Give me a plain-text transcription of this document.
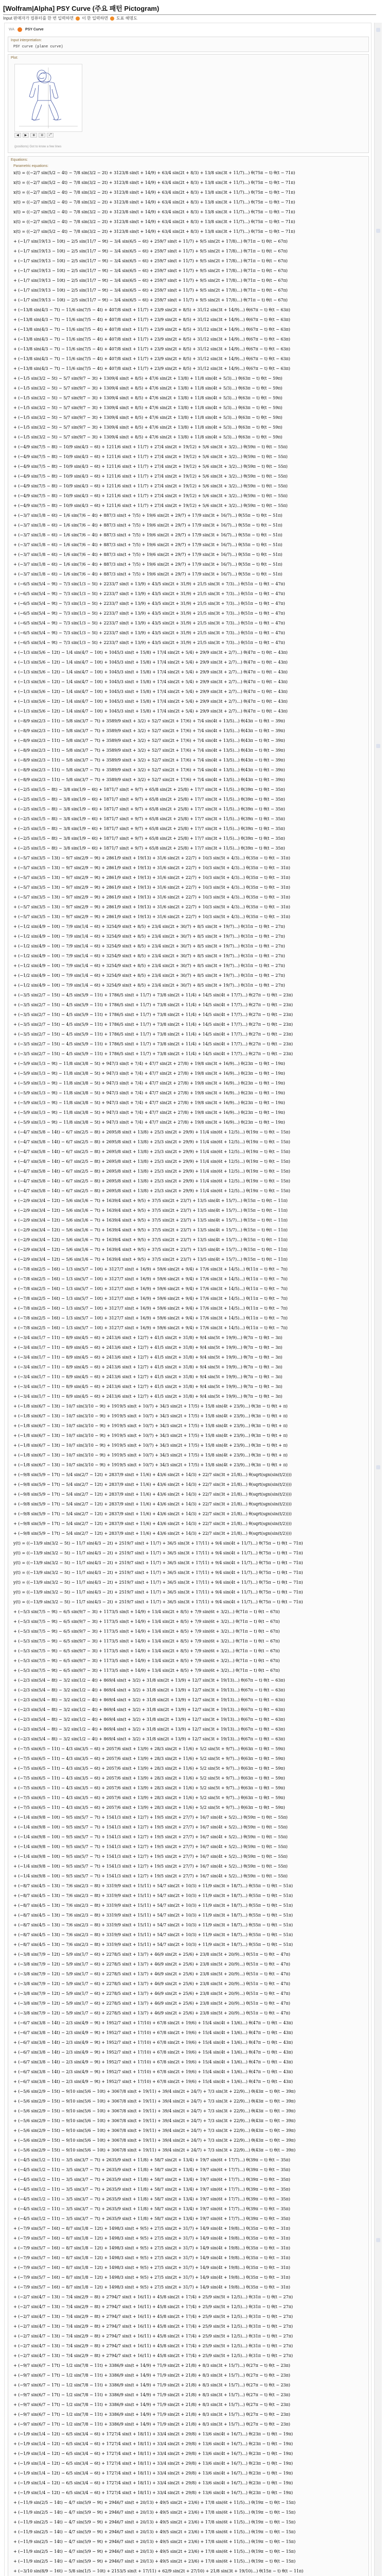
[Wolfram|Alpha] PSY Curve (주요 패턴 Pictogram)
Input 판매자가 컴퓨터를 한 번 입력하면 이 한 입력하면 도표 해명도
WA	PSY Curve
Input interpretation:
PSY curve (plane curve)
Plot:
◀	▶	⊕	⊖	⤢
(positions) Got to know a few lines
Equations:
Parametric equations:
x(t) = ((−2/7 sin(5/2 − 4t) − 7/8 sin(3/2 − 2t) + 3123/8 sin(t + 14/9) + 63/4 sin(2t + 8/3) + 13/8 sin(3t + 11/7)...) θ(75π − t) θ(t − 71π)
x(t) = ((−2/7 sin(5/2 − 4t) − 7/8 sin(3/2 − 2t) + 3123/8 sin(t + 14/9) + 63/4 sin(2t + 8/3) + 13/8 sin(3t + 11/7)...) θ(75π − t) θ(t − 71π)
x(t) = ((−2/7 sin(5/2 − 4t) − 7/8 sin(3/2 − 2t) + 3123/8 sin(t + 14/9) + 63/4 sin(2t + 8/3) + 13/8 sin(3t + 11/7)...) θ(75π − t) θ(t − 71π)
x(t) = ((−2/7 sin(5/2 − 4t) − 7/8 sin(3/2 − 2t) + 3123/8 sin(t + 14/9) + 63/4 sin(2t + 8/3) + 13/8 sin(3t + 11/7)...) θ(75π − t) θ(t − 71π)
x(t) = ((−2/7 sin(5/2 − 4t) − 7/8 sin(3/2 − 2t) + 3123/8 sin(t + 14/9) + 63/4 sin(2t + 8/3) + 13/8 sin(3t + 11/7)...) θ(75π − t) θ(t − 71π)
x(t) = ((−2/7 sin(5/2 − 4t) − 7/8 sin(3/2 − 2t) + 3123/8 sin(t + 14/9) + 63/4 sin(2t + 8/3) + 13/8 sin(3t + 11/7)...) θ(75π − t) θ(t − 71π)
x(t) = ((−2/7 sin(5/2 − 4t) − 7/8 sin(3/2 − 2t) + 3123/8 sin(t + 14/9) + 63/4 sin(2t + 8/3) + 13/8 sin(3t + 11/7)...) θ(75π − t) θ(t − 71π)
+ (−1/7 sin(19/13 − 10t) − 2/5 sin(11/7 − 9t) − 3/4 sin(6/5 − 6t) + 259/7 sin(t + 11/7) + 9/5 sin(2t + 17/8)...) θ(71π − t) θ(t − 67π)
+ (−1/7 sin(19/13 − 10t) − 2/5 sin(11/7 − 9t) − 3/4 sin(6/5 − 6t) + 259/7 sin(t + 11/7) + 9/5 sin(2t + 17/8)...) θ(71π − t) θ(t − 67π)
+ (−1/7 sin(19/13 − 10t) − 2/5 sin(11/7 − 9t) − 3/4 sin(6/5 − 6t) + 259/7 sin(t + 11/7) + 9/5 sin(2t + 17/8)...) θ(71π − t) θ(t − 67π)
+ (−1/7 sin(19/13 − 10t) − 2/5 sin(11/7 − 9t) − 3/4 sin(6/5 − 6t) + 259/7 sin(t + 11/7) + 9/5 sin(2t + 17/8)...) θ(71π − t) θ(t − 67π)
+ (−1/7 sin(19/13 − 10t) − 2/5 sin(11/7 − 9t) − 3/4 sin(6/5 − 6t) + 259/7 sin(t + 11/7) + 9/5 sin(2t + 17/8)...) θ(71π − t) θ(t − 67π)
+ (−1/7 sin(19/13 − 10t) − 2/5 sin(11/7 − 9t) − 3/4 sin(6/5 − 6t) + 259/7 sin(t + 11/7) + 9/5 sin(2t + 17/8)...) θ(71π − t) θ(t − 67π)
+ (−1/7 sin(19/13 − 10t) − 2/5 sin(11/7 − 9t) − 3/4 sin(6/5 − 6t) + 259/7 sin(t + 11/7) + 9/5 sin(2t + 17/8)...) θ(71π − t) θ(t − 67π)
+ (−13/8 sin(4/3 − 7t) − 11/6 sin(7/5 − 4t) + 407/8 sin(t + 11/7) + 23/9 sin(2t + 8/5) + 31/12 sin(3t + 14/9)...) θ(67π − t) θ(t − 63π)
+ (−13/8 sin(4/3 − 7t) − 11/6 sin(7/5 − 4t) + 407/8 sin(t + 11/7) + 23/9 sin(2t + 8/5) + 31/12 sin(3t + 14/9)...) θ(67π − t) θ(t − 63π)
+ (−13/8 sin(4/3 − 7t) − 11/6 sin(7/5 − 4t) + 407/8 sin(t + 11/7) + 23/9 sin(2t + 8/5) + 31/12 sin(3t + 14/9)...) θ(67π − t) θ(t − 63π)
+ (−13/8 sin(4/3 − 7t) − 11/6 sin(7/5 − 4t) + 407/8 sin(t + 11/7) + 23/9 sin(2t + 8/5) + 31/12 sin(3t + 14/9)...) θ(67π − t) θ(t − 63π)
+ (−13/8 sin(4/3 − 7t) − 11/6 sin(7/5 − 4t) + 407/8 sin(t + 11/7) + 23/9 sin(2t + 8/5) + 31/12 sin(3t + 14/9)...) θ(67π − t) θ(t − 63π)
+ (−13/8 sin(4/3 − 7t) − 11/6 sin(7/5 − 4t) + 407/8 sin(t + 11/7) + 23/9 sin(2t + 8/5) + 31/12 sin(3t + 14/9)...) θ(67π − t) θ(t − 63π)
+ (−13/8 sin(4/3 − 7t) − 11/6 sin(7/5 − 4t) + 407/8 sin(t + 11/7) + 23/9 sin(2t + 8/5) + 31/12 sin(3t + 14/9)...) θ(67π − t) θ(t − 63π)
+ (−1/5 sin(3/2 − 5t) − 5/7 sin(9/7 − 3t) + 1309/4 sin(t + 8/5) + 47/6 sin(2t + 13/8) + 11/8 sin(4t + 5/3)...) θ(63π − t) θ(t − 59π)
+ (−1/5 sin(3/2 − 5t) − 5/7 sin(9/7 − 3t) + 1309/4 sin(t + 8/5) + 47/6 sin(2t + 13/8) + 11/8 sin(4t + 5/3)...) θ(63π − t) θ(t − 59π)
+ (−1/5 sin(3/2 − 5t) − 5/7 sin(9/7 − 3t) + 1309/4 sin(t + 8/5) + 47/6 sin(2t + 13/8) + 11/8 sin(4t + 5/3)...) θ(63π − t) θ(t − 59π)
+ (−1/5 sin(3/2 − 5t) − 5/7 sin(9/7 − 3t) + 1309/4 sin(t + 8/5) + 47/6 sin(2t + 13/8) + 11/8 sin(4t + 5/3)...) θ(63π − t) θ(t − 59π)
+ (−1/5 sin(3/2 − 5t) − 5/7 sin(9/7 − 3t) + 1309/4 sin(t + 8/5) + 47/6 sin(2t + 13/8) + 11/8 sin(4t + 5/3)...) θ(63π − t) θ(t − 59π)
+ (−1/5 sin(3/2 − 5t) − 5/7 sin(9/7 − 3t) + 1309/4 sin(t + 8/5) + 47/6 sin(2t + 13/8) + 11/8 sin(4t + 5/3)...) θ(63π − t) θ(t − 59π)
+ (−1/5 sin(3/2 − 5t) − 5/7 sin(9/7 − 3t) + 1309/4 sin(t + 8/5) + 47/6 sin(2t + 13/8) + 11/8 sin(4t + 5/3)...) θ(63π − t) θ(t − 59π)
+ (−4/9 sin(7/5 − 8t) − 10/9 sin(4/3 − 6t) + 1211/6 sin(t + 11/7) + 27/4 sin(2t + 19/12) + 5/6 sin(3t + 3/2)...) θ(59π − t) θ(t − 55π)
+ (−4/9 sin(7/5 − 8t) − 10/9 sin(4/3 − 6t) + 1211/6 sin(t + 11/7) + 27/4 sin(2t + 19/12) + 5/6 sin(3t + 3/2)...) θ(59π − t) θ(t − 55π)
+ (−4/9 sin(7/5 − 8t) − 10/9 sin(4/3 − 6t) + 1211/6 sin(t + 11/7) + 27/4 sin(2t + 19/12) + 5/6 sin(3t + 3/2)...) θ(59π − t) θ(t − 55π)
+ (−4/9 sin(7/5 − 8t) − 10/9 sin(4/3 − 6t) + 1211/6 sin(t + 11/7) + 27/4 sin(2t + 19/12) + 5/6 sin(3t + 3/2)...) θ(59π − t) θ(t − 55π)
+ (−4/9 sin(7/5 − 8t) − 10/9 sin(4/3 − 6t) + 1211/6 sin(t + 11/7) + 27/4 sin(2t + 19/12) + 5/6 sin(3t + 3/2)...) θ(59π − t) θ(t − 55π)
+ (−4/9 sin(7/5 − 8t) − 10/9 sin(4/3 − 6t) + 1211/6 sin(t + 11/7) + 27/4 sin(2t + 19/12) + 5/6 sin(3t + 3/2)...) θ(59π − t) θ(t − 55π)
+ (−4/9 sin(7/5 − 8t) − 10/9 sin(4/3 − 6t) + 1211/6 sin(t + 11/7) + 27/4 sin(2t + 19/12) + 5/6 sin(3t + 3/2)...) θ(59π − t) θ(t − 55π)
+ (−3/7 sin(1/8 − 6t) − 1/6 sin(7/6 − 4t) + 887/3 sin(t + 7/5) + 19/6 sin(2t + 29/7) + 17/9 sin(3t + 16/7)...) θ(55π − t) θ(t − 51π)
+ (−3/7 sin(1/8 − 6t) − 1/6 sin(7/6 − 4t) + 887/3 sin(t + 7/5) + 19/6 sin(2t + 29/7) + 17/9 sin(3t + 16/7)...) θ(55π − t) θ(t − 51π)
+ (−3/7 sin(1/8 − 6t) − 1/6 sin(7/6 − 4t) + 887/3 sin(t + 7/5) + 19/6 sin(2t + 29/7) + 17/9 sin(3t + 16/7)...) θ(55π − t) θ(t − 51π)
+ (−3/7 sin(1/8 − 6t) − 1/6 sin(7/6 − 4t) + 887/3 sin(t + 7/5) + 19/6 sin(2t + 29/7) + 17/9 sin(3t + 16/7)...) θ(55π − t) θ(t − 51π)
+ (−3/7 sin(1/8 − 6t) − 1/6 sin(7/6 − 4t) + 887/3 sin(t + 7/5) + 19/6 sin(2t + 29/7) + 17/9 sin(3t + 16/7)...) θ(55π − t) θ(t − 51π)
+ (−3/7 sin(1/8 − 6t) − 1/6 sin(7/6 − 4t) + 887/3 sin(t + 7/5) + 19/6 sin(2t + 29/7) + 17/9 sin(3t + 16/7)...) θ(55π − t) θ(t − 51π)
+ (−3/7 sin(1/8 − 6t) − 1/6 sin(7/6 − 4t) + 887/3 sin(t + 7/5) + 19/6 sin(2t + 29/7) + 17/9 sin(3t + 16/7)...) θ(55π − t) θ(t − 51π)
+ (−6/5 sin(5/4 − 9t) − 7/3 sin(1/3 − 5t) + 2233/7 sin(t + 13/9) + 43/5 sin(2t + 31/9) + 21/5 sin(3t + 7/3)...) θ(51π − t) θ(t − 47π)
+ (−6/5 sin(5/4 − 9t) − 7/3 sin(1/3 − 5t) + 2233/7 sin(t + 13/9) + 43/5 sin(2t + 31/9) + 21/5 sin(3t + 7/3)...) θ(51π − t) θ(t − 47π)
+ (−6/5 sin(5/4 − 9t) − 7/3 sin(1/3 − 5t) + 2233/7 sin(t + 13/9) + 43/5 sin(2t + 31/9) + 21/5 sin(3t + 7/3)...) θ(51π − t) θ(t − 47π)
+ (−6/5 sin(5/4 − 9t) − 7/3 sin(1/3 − 5t) + 2233/7 sin(t + 13/9) + 43/5 sin(2t + 31/9) + 21/5 sin(3t + 7/3)...) θ(51π − t) θ(t − 47π)
+ (−6/5 sin(5/4 − 9t) − 7/3 sin(1/3 − 5t) + 2233/7 sin(t + 13/9) + 43/5 sin(2t + 31/9) + 21/5 sin(3t + 7/3)...) θ(51π − t) θ(t − 47π)
+ (−6/5 sin(5/4 − 9t) − 7/3 sin(1/3 − 5t) + 2233/7 sin(t + 13/9) + 43/5 sin(2t + 31/9) + 21/5 sin(3t + 7/3)...) θ(51π − t) θ(t − 47π)
+ (−6/5 sin(5/4 − 9t) − 7/3 sin(1/3 − 5t) + 2233/7 sin(t + 13/9) + 43/5 sin(2t + 31/9) + 21/5 sin(3t + 7/3)...) θ(51π − t) θ(t − 47π)
+ (−1/3 sin(5/6 − 12t) − 1/4 sin(4/7 − 10t) + 1045/3 sin(t + 15/8) + 17/4 sin(2t + 5/4) + 29/9 sin(3t + 2/7)...) θ(47π − t) θ(t − 43π)
+ (−1/3 sin(5/6 − 12t) − 1/4 sin(4/7 − 10t) + 1045/3 sin(t + 15/8) + 17/4 sin(2t + 5/4) + 29/9 sin(3t + 2/7)...) θ(47π − t) θ(t − 43π)
+ (−1/3 sin(5/6 − 12t) − 1/4 sin(4/7 − 10t) + 1045/3 sin(t + 15/8) + 17/4 sin(2t + 5/4) + 29/9 sin(3t + 2/7)...) θ(47π − t) θ(t − 43π)
+ (−1/3 sin(5/6 − 12t) − 1/4 sin(4/7 − 10t) + 1045/3 sin(t + 15/8) + 17/4 sin(2t + 5/4) + 29/9 sin(3t + 2/7)...) θ(47π − t) θ(t − 43π)
+ (−1/3 sin(5/6 − 12t) − 1/4 sin(4/7 − 10t) + 1045/3 sin(t + 15/8) + 17/4 sin(2t + 5/4) + 29/9 sin(3t + 2/7)...) θ(47π − t) θ(t − 43π)
+ (−1/3 sin(5/6 − 12t) − 1/4 sin(4/7 − 10t) + 1045/3 sin(t + 15/8) + 17/4 sin(2t + 5/4) + 29/9 sin(3t + 2/7)...) θ(47π − t) θ(t − 43π)
+ (−1/3 sin(5/6 − 12t) − 1/4 sin(4/7 − 10t) + 1045/3 sin(t + 15/8) + 17/4 sin(2t + 5/4) + 29/9 sin(3t + 2/7)...) θ(47π − t) θ(t − 43π)
+ (−8/9 sin(2/3 − 11t) − 5/8 sin(3/7 − 7t) + 3589/9 sin(t + 3/2) + 52/7 sin(2t + 17/6) + 7/4 sin(4t + 13/5)...) θ(43π − t) θ(t − 39π)
+ (−8/9 sin(2/3 − 11t) − 5/8 sin(3/7 − 7t) + 3589/9 sin(t + 3/2) + 52/7 sin(2t + 17/6) + 7/4 sin(4t + 13/5)...) θ(43π − t) θ(t − 39π)
+ (−8/9 sin(2/3 − 11t) − 5/8 sin(3/7 − 7t) + 3589/9 sin(t + 3/2) + 52/7 sin(2t + 17/6) + 7/4 sin(4t + 13/5)...) θ(43π − t) θ(t − 39π)
+ (−8/9 sin(2/3 − 11t) − 5/8 sin(3/7 − 7t) + 3589/9 sin(t + 3/2) + 52/7 sin(2t + 17/6) + 7/4 sin(4t + 13/5)...) θ(43π − t) θ(t − 39π)
+ (−8/9 sin(2/3 − 11t) − 5/8 sin(3/7 − 7t) + 3589/9 sin(t + 3/2) + 52/7 sin(2t + 17/6) + 7/4 sin(4t + 13/5)...) θ(43π − t) θ(t − 39π)
+ (−8/9 sin(2/3 − 11t) − 5/8 sin(3/7 − 7t) + 3589/9 sin(t + 3/2) + 52/7 sin(2t + 17/6) + 7/4 sin(4t + 13/5)...) θ(43π − t) θ(t − 39π)
+ (−8/9 sin(2/3 − 11t) − 5/8 sin(3/7 − 7t) + 3589/9 sin(t + 3/2) + 52/7 sin(2t + 17/6) + 7/4 sin(4t + 13/5)...) θ(43π − t) θ(t − 39π)
+ (−2/5 sin(1/5 − 8t) − 3/8 sin(1/9 − 6t) + 1871/7 sin(t + 9/7) + 65/8 sin(2t + 25/8) + 17/7 sin(3t + 11/5)...) θ(39π − t) θ(t − 35π)
+ (−2/5 sin(1/5 − 8t) − 3/8 sin(1/9 − 6t) + 1871/7 sin(t + 9/7) + 65/8 sin(2t + 25/8) + 17/7 sin(3t + 11/5)...) θ(39π − t) θ(t − 35π)
+ (−2/5 sin(1/5 − 8t) − 3/8 sin(1/9 − 6t) + 1871/7 sin(t + 9/7) + 65/8 sin(2t + 25/8) + 17/7 sin(3t + 11/5)...) θ(39π − t) θ(t − 35π)
+ (−2/5 sin(1/5 − 8t) − 3/8 sin(1/9 − 6t) + 1871/7 sin(t + 9/7) + 65/8 sin(2t + 25/8) + 17/7 sin(3t + 11/5)...) θ(39π − t) θ(t − 35π)
+ (−2/5 sin(1/5 − 8t) − 3/8 sin(1/9 − 6t) + 1871/7 sin(t + 9/7) + 65/8 sin(2t + 25/8) + 17/7 sin(3t + 11/5)...) θ(39π − t) θ(t − 35π)
+ (−2/5 sin(1/5 − 8t) − 3/8 sin(1/9 − 6t) + 1871/7 sin(t + 9/7) + 65/8 sin(2t + 25/8) + 17/7 sin(3t + 11/5)...) θ(39π − t) θ(t − 35π)
+ (−2/5 sin(1/5 − 8t) − 3/8 sin(1/9 − 6t) + 1871/7 sin(t + 9/7) + 65/8 sin(2t + 25/8) + 17/7 sin(3t + 11/5)...) θ(39π − t) θ(t − 35π)
+ (−5/7 sin(3/5 − 13t) − 9/7 sin(2/9 − 9t) + 2861/9 sin(t + 19/13) + 31/6 sin(2t + 22/7) + 10/3 sin(5t + 4/3)...) θ(35π − t) θ(t − 31π)
+ (−5/7 sin(3/5 − 13t) − 9/7 sin(2/9 − 9t) + 2861/9 sin(t + 19/13) + 31/6 sin(2t + 22/7) + 10/3 sin(5t + 4/3)...) θ(35π − t) θ(t − 31π)
+ (−5/7 sin(3/5 − 13t) − 9/7 sin(2/9 − 9t) + 2861/9 sin(t + 19/13) + 31/6 sin(2t + 22/7) + 10/3 sin(5t + 4/3)...) θ(35π − t) θ(t − 31π)
+ (−5/7 sin(3/5 − 13t) − 9/7 sin(2/9 − 9t) + 2861/9 sin(t + 19/13) + 31/6 sin(2t + 22/7) + 10/3 sin(5t + 4/3)...) θ(35π − t) θ(t − 31π)
+ (−5/7 sin(3/5 − 13t) − 9/7 sin(2/9 − 9t) + 2861/9 sin(t + 19/13) + 31/6 sin(2t + 22/7) + 10/3 sin(5t + 4/3)...) θ(35π − t) θ(t − 31π)
+ (−5/7 sin(3/5 − 13t) − 9/7 sin(2/9 − 9t) + 2861/9 sin(t + 19/13) + 31/6 sin(2t + 22/7) + 10/3 sin(5t + 4/3)...) θ(35π − t) θ(t − 31π)
+ (−5/7 sin(3/5 − 13t) − 9/7 sin(2/9 − 9t) + 2861/9 sin(t + 19/13) + 31/6 sin(2t + 22/7) + 10/3 sin(5t + 4/3)...) θ(35π − t) θ(t − 31π)
+ (−1/2 sin(4/9 − 10t) − 7/9 sin(1/4 − 6t) + 3254/9 sin(t + 8/5) + 23/4 sin(2t + 30/7) + 8/5 sin(3t + 19/7)...) θ(31π − t) θ(t − 27π)
+ (−1/2 sin(4/9 − 10t) − 7/9 sin(1/4 − 6t) + 3254/9 sin(t + 8/5) + 23/4 sin(2t + 30/7) + 8/5 sin(3t + 19/7)...) θ(31π − t) θ(t − 27π)
+ (−1/2 sin(4/9 − 10t) − 7/9 sin(1/4 − 6t) + 3254/9 sin(t + 8/5) + 23/4 sin(2t + 30/7) + 8/5 sin(3t + 19/7)...) θ(31π − t) θ(t − 27π)
+ (−1/2 sin(4/9 − 10t) − 7/9 sin(1/4 − 6t) + 3254/9 sin(t + 8/5) + 23/4 sin(2t + 30/7) + 8/5 sin(3t + 19/7)...) θ(31π − t) θ(t − 27π)
+ (−1/2 sin(4/9 − 10t) − 7/9 sin(1/4 − 6t) + 3254/9 sin(t + 8/5) + 23/4 sin(2t + 30/7) + 8/5 sin(3t + 19/7)...) θ(31π − t) θ(t − 27π)
+ (−1/2 sin(4/9 − 10t) − 7/9 sin(1/4 − 6t) + 3254/9 sin(t + 8/5) + 23/4 sin(2t + 30/7) + 8/5 sin(3t + 19/7)...) θ(31π − t) θ(t − 27π)
+ (−1/2 sin(4/9 − 10t) − 7/9 sin(1/4 − 6t) + 3254/9 sin(t + 8/5) + 23/4 sin(2t + 30/7) + 8/5 sin(3t + 19/7)...) θ(31π − t) θ(t − 27π)
+ (−3/5 sin(2/7 − 15t) − 4/5 sin(5/9 − 11t) + 1786/5 sin(t + 11/7) + 73/8 sin(2t + 11/4) + 14/5 sin(4t + 17/7)...) θ(27π − t) θ(t − 23π)
+ (−3/5 sin(2/7 − 15t) − 4/5 sin(5/9 − 11t) + 1786/5 sin(t + 11/7) + 73/8 sin(2t + 11/4) + 14/5 sin(4t + 17/7)...) θ(27π − t) θ(t − 23π)
+ (−3/5 sin(2/7 − 15t) − 4/5 sin(5/9 − 11t) + 1786/5 sin(t + 11/7) + 73/8 sin(2t + 11/4) + 14/5 sin(4t + 17/7)...) θ(27π − t) θ(t − 23π)
+ (−3/5 sin(2/7 − 15t) − 4/5 sin(5/9 − 11t) + 1786/5 sin(t + 11/7) + 73/8 sin(2t + 11/4) + 14/5 sin(4t + 17/7)...) θ(27π − t) θ(t − 23π)
+ (−3/5 sin(2/7 − 15t) − 4/5 sin(5/9 − 11t) + 1786/5 sin(t + 11/7) + 73/8 sin(2t + 11/4) + 14/5 sin(4t + 17/7)...) θ(27π − t) θ(t − 23π)
+ (−3/5 sin(2/7 − 15t) − 4/5 sin(5/9 − 11t) + 1786/5 sin(t + 11/7) + 73/8 sin(2t + 11/4) + 14/5 sin(4t + 17/7)...) θ(27π − t) θ(t − 23π)
+ (−3/5 sin(2/7 − 15t) − 4/5 sin(5/9 − 11t) + 1786/5 sin(t + 11/7) + 73/8 sin(2t + 11/4) + 14/5 sin(4t + 17/7)...) θ(27π − t) θ(t − 23π)
+ (−5/9 sin(1/3 − 9t) − 11/8 sin(3/8 − 5t) + 947/3 sin(t + 7/4) + 47/7 sin(2t + 27/8) + 19/8 sin(3t + 16/9)...) θ(23π − t) θ(t − 19π)
+ (−5/9 sin(1/3 − 9t) − 11/8 sin(3/8 − 5t) + 947/3 sin(t + 7/4) + 47/7 sin(2t + 27/8) + 19/8 sin(3t + 16/9)...) θ(23π − t) θ(t − 19π)
+ (−5/9 sin(1/3 − 9t) − 11/8 sin(3/8 − 5t) + 947/3 sin(t + 7/4) + 47/7 sin(2t + 27/8) + 19/8 sin(3t + 16/9)...) θ(23π − t) θ(t − 19π)
+ (−5/9 sin(1/3 − 9t) − 11/8 sin(3/8 − 5t) + 947/3 sin(t + 7/4) + 47/7 sin(2t + 27/8) + 19/8 sin(3t + 16/9)...) θ(23π − t) θ(t − 19π)
+ (−5/9 sin(1/3 − 9t) − 11/8 sin(3/8 − 5t) + 947/3 sin(t + 7/4) + 47/7 sin(2t + 27/8) + 19/8 sin(3t + 16/9)...) θ(23π − t) θ(t − 19π)
+ (−5/9 sin(1/3 − 9t) − 11/8 sin(3/8 − 5t) + 947/3 sin(t + 7/4) + 47/7 sin(2t + 27/8) + 19/8 sin(3t + 16/9)...) θ(23π − t) θ(t − 19π)
+ (−5/9 sin(1/3 − 9t) − 11/8 sin(3/8 − 5t) + 947/3 sin(t + 7/4) + 47/7 sin(2t + 27/8) + 19/8 sin(3t + 16/9)...) θ(23π − t) θ(t − 19π)
+ (−4/7 sin(5/8 − 14t) − 6/7 sin(2/5 − 8t) + 2695/8 sin(t + 13/8) + 25/3 sin(2t + 29/9) + 11/4 sin(6t + 12/5)...) θ(19π − t) θ(t − 15π)
+ (−4/7 sin(5/8 − 14t) − 6/7 sin(2/5 − 8t) + 2695/8 sin(t + 13/8) + 25/3 sin(2t + 29/9) + 11/4 sin(6t + 12/5)...) θ(19π − t) θ(t − 15π)
+ (−4/7 sin(5/8 − 14t) − 6/7 sin(2/5 − 8t) + 2695/8 sin(t + 13/8) + 25/3 sin(2t + 29/9) + 11/4 sin(6t + 12/5)...) θ(19π − t) θ(t − 15π)
+ (−4/7 sin(5/8 − 14t) − 6/7 sin(2/5 − 8t) + 2695/8 sin(t + 13/8) + 25/3 sin(2t + 29/9) + 11/4 sin(6t + 12/5)...) θ(19π − t) θ(t − 15π)
+ (−4/7 sin(5/8 − 14t) − 6/7 sin(2/5 − 8t) + 2695/8 sin(t + 13/8) + 25/3 sin(2t + 29/9) + 11/4 sin(6t + 12/5)...) θ(19π − t) θ(t − 15π)
+ (−4/7 sin(5/8 − 14t) − 6/7 sin(2/5 − 8t) + 2695/8 sin(t + 13/8) + 25/3 sin(2t + 29/9) + 11/4 sin(6t + 12/5)...) θ(19π − t) θ(t − 15π)
+ (−4/7 sin(5/8 − 14t) − 6/7 sin(2/5 − 8t) + 2695/8 sin(t + 13/8) + 25/3 sin(2t + 29/9) + 11/4 sin(6t + 12/5)...) θ(19π − t) θ(t − 15π)
+ (−2/9 sin(3/4 − 12t) − 5/6 sin(1/6 − 7t) + 1639/4 sin(t + 9/5) + 37/5 sin(2t + 23/7) + 13/5 sin(4t + 15/7)...) θ(15π − t) θ(t − 11π)
+ (−2/9 sin(3/4 − 12t) − 5/6 sin(1/6 − 7t) + 1639/4 sin(t + 9/5) + 37/5 sin(2t + 23/7) + 13/5 sin(4t + 15/7)...) θ(15π − t) θ(t − 11π)
+ (−2/9 sin(3/4 − 12t) − 5/6 sin(1/6 − 7t) + 1639/4 sin(t + 9/5) + 37/5 sin(2t + 23/7) + 13/5 sin(4t + 15/7)...) θ(15π − t) θ(t − 11π)
+ (−2/9 sin(3/4 − 12t) − 5/6 sin(1/6 − 7t) + 1639/4 sin(t + 9/5) + 37/5 sin(2t + 23/7) + 13/5 sin(4t + 15/7)...) θ(15π − t) θ(t − 11π)
+ (−2/9 sin(3/4 − 12t) − 5/6 sin(1/6 − 7t) + 1639/4 sin(t + 9/5) + 37/5 sin(2t + 23/7) + 13/5 sin(4t + 15/7)...) θ(15π − t) θ(t − 11π)
+ (−2/9 sin(3/4 − 12t) − 5/6 sin(1/6 − 7t) + 1639/4 sin(t + 9/5) + 37/5 sin(2t + 23/7) + 13/5 sin(4t + 15/7)...) θ(15π − t) θ(t − 11π)
+ (−2/9 sin(3/4 − 12t) − 5/6 sin(1/6 − 7t) + 1639/4 sin(t + 9/5) + 37/5 sin(2t + 23/7) + 13/5 sin(4t + 15/7)...) θ(15π − t) θ(t − 11π)
+ (−7/8 sin(2/5 − 16t) − 1/3 sin(5/7 − 10t) + 3127/7 sin(t + 16/9) + 59/6 sin(2t + 9/4) + 17/6 sin(3t + 14/5)...) θ(11π − t) θ(t − 7π)
+ (−7/8 sin(2/5 − 16t) − 1/3 sin(5/7 − 10t) + 3127/7 sin(t + 16/9) + 59/6 sin(2t + 9/4) + 17/6 sin(3t + 14/5)...) θ(11π − t) θ(t − 7π)
+ (−7/8 sin(2/5 − 16t) − 1/3 sin(5/7 − 10t) + 3127/7 sin(t + 16/9) + 59/6 sin(2t + 9/4) + 17/6 sin(3t + 14/5)...) θ(11π − t) θ(t − 7π)
+ (−7/8 sin(2/5 − 16t) − 1/3 sin(5/7 − 10t) + 3127/7 sin(t + 16/9) + 59/6 sin(2t + 9/4) + 17/6 sin(3t + 14/5)...) θ(11π − t) θ(t − 7π)
+ (−7/8 sin(2/5 − 16t) − 1/3 sin(5/7 − 10t) + 3127/7 sin(t + 16/9) + 59/6 sin(2t + 9/4) + 17/6 sin(3t + 14/5)...) θ(11π − t) θ(t − 7π)
+ (−7/8 sin(2/5 − 16t) − 1/3 sin(5/7 − 10t) + 3127/7 sin(t + 16/9) + 59/6 sin(2t + 9/4) + 17/6 sin(3t + 14/5)...) θ(11π − t) θ(t − 7π)
+ (−7/8 sin(2/5 − 16t) − 1/3 sin(5/7 − 10t) + 3127/7 sin(t + 16/9) + 59/6 sin(2t + 9/4) + 17/6 sin(3t + 14/5)...) θ(11π − t) θ(t − 7π)
+ (−3/4 sin(1/7 − 11t) − 8/9 sin(4/5 − 6t) + 2413/6 sin(t + 12/7) + 41/5 sin(2t + 31/8) + 9/4 sin(5t + 19/9)...) θ(7π − t) θ(t − 3π)
+ (−3/4 sin(1/7 − 11t) − 8/9 sin(4/5 − 6t) + 2413/6 sin(t + 12/7) + 41/5 sin(2t + 31/8) + 9/4 sin(5t + 19/9)...) θ(7π − t) θ(t − 3π)
+ (−3/4 sin(1/7 − 11t) − 8/9 sin(4/5 − 6t) + 2413/6 sin(t + 12/7) + 41/5 sin(2t + 31/8) + 9/4 sin(5t + 19/9)...) θ(7π − t) θ(t − 3π)
+ (−3/4 sin(1/7 − 11t) − 8/9 sin(4/5 − 6t) + 2413/6 sin(t + 12/7) + 41/5 sin(2t + 31/8) + 9/4 sin(5t + 19/9)...) θ(7π − t) θ(t − 3π)
+ (−3/4 sin(1/7 − 11t) − 8/9 sin(4/5 − 6t) + 2413/6 sin(t + 12/7) + 41/5 sin(2t + 31/8) + 9/4 sin(5t + 19/9)...) θ(7π − t) θ(t − 3π)
+ (−3/4 sin(1/7 − 11t) − 8/9 sin(4/5 − 6t) + 2413/6 sin(t + 12/7) + 41/5 sin(2t + 31/8) + 9/4 sin(5t + 19/9)...) θ(7π − t) θ(t − 3π)
+ (−3/4 sin(1/7 − 11t) − 8/9 sin(4/5 − 6t) + 2413/6 sin(t + 12/7) + 41/5 sin(2t + 31/8) + 9/4 sin(5t + 19/9)...) θ(7π − t) θ(t − 3π)
+ (−1/8 sin(6/7 − 13t) − 10/7 sin(3/10 − 9t) + 1919/5 sin(t + 10/7) + 34/3 sin(2t + 17/5) + 15/8 sin(4t + 23/9)...) θ(3π − t) θ(t + π)
+ (−1/8 sin(6/7 − 13t) − 10/7 sin(3/10 − 9t) + 1919/5 sin(t + 10/7) + 34/3 sin(2t + 17/5) + 15/8 sin(4t + 23/9)...) θ(3π − t) θ(t + π)
+ (−1/8 sin(6/7 − 13t) − 10/7 sin(3/10 − 9t) + 1919/5 sin(t + 10/7) + 34/3 sin(2t + 17/5) + 15/8 sin(4t + 23/9)...) θ(3π − t) θ(t + π)
+ (−1/8 sin(6/7 − 13t) − 10/7 sin(3/10 − 9t) + 1919/5 sin(t + 10/7) + 34/3 sin(2t + 17/5) + 15/8 sin(4t + 23/9)...) θ(3π − t) θ(t + π)
+ (−1/8 sin(6/7 − 13t) − 10/7 sin(3/10 − 9t) + 1919/5 sin(t + 10/7) + 34/3 sin(2t + 17/5) + 15/8 sin(4t + 23/9)...) θ(3π − t) θ(t + π)
+ (−1/8 sin(6/7 − 13t) − 10/7 sin(3/10 − 9t) + 1919/5 sin(t + 10/7) + 34/3 sin(2t + 17/5) + 15/8 sin(4t + 23/9)...) θ(3π − t) θ(t + π)
+ (−1/8 sin(6/7 − 13t) − 10/7 sin(3/10 − 9t) + 1919/5 sin(t + 10/7) + 34/3 sin(2t + 17/5) + 15/8 sin(4t + 23/9)...) θ(3π − t) θ(t + π)
+ (−9/8 sin(5/9 − 17t) − 5/4 sin(2/7 − 12t) + 2837/9 sin(t + 11/6) + 43/6 sin(2t + 14/3) + 22/7 sin(3t + 21/8)...) θ(sqrt(sgn(sin(t/2))))
+ (−9/8 sin(5/9 − 17t) − 5/4 sin(2/7 − 12t) + 2837/9 sin(t + 11/6) + 43/6 sin(2t + 14/3) + 22/7 sin(3t + 21/8)...) θ(sqrt(sgn(sin(t/2))))
+ (−9/8 sin(5/9 − 17t) − 5/4 sin(2/7 − 12t) + 2837/9 sin(t + 11/6) + 43/6 sin(2t + 14/3) + 22/7 sin(3t + 21/8)...) θ(sqrt(sgn(sin(t/2))))
+ (−9/8 sin(5/9 − 17t) − 5/4 sin(2/7 − 12t) + 2837/9 sin(t + 11/6) + 43/6 sin(2t + 14/3) + 22/7 sin(3t + 21/8)...) θ(sqrt(sgn(sin(t/2))))
+ (−9/8 sin(5/9 − 17t) − 5/4 sin(2/7 − 12t) + 2837/9 sin(t + 11/6) + 43/6 sin(2t + 14/3) + 22/7 sin(3t + 21/8)...) θ(sqrt(sgn(sin(t/2))))
+ (−9/8 sin(5/9 − 17t) − 5/4 sin(2/7 − 12t) + 2837/9 sin(t + 11/6) + 43/6 sin(2t + 14/3) + 22/7 sin(3t + 21/8)...) θ(sqrt(sgn(sin(t/2))))
+ (−9/8 sin(5/9 − 17t) − 5/4 sin(2/7 − 12t) + 2837/9 sin(t + 11/6) + 43/6 sin(2t + 14/3) + 22/7 sin(3t + 21/8)...) θ(sqrt(sgn(sin(t/2))))
y(t) = ((−13/9 sin(3/2 − 5t) − 11/7 sin(4/3 − 2t) + 2519/7 sin(t + 11/7) + 36/5 sin(3t + 17/11) + 9/4 sin(4t + 11/7)...) θ(75π − t) θ(t − 71π)
y(t) = ((−13/9 sin(3/2 − 5t) − 11/7 sin(4/3 − 2t) + 2519/7 sin(t + 11/7) + 36/5 sin(3t + 17/11) + 9/4 sin(4t + 11/7)...) θ(75π − t) θ(t − 71π)
y(t) = ((−13/9 sin(3/2 − 5t) − 11/7 sin(4/3 − 2t) + 2519/7 sin(t + 11/7) + 36/5 sin(3t + 17/11) + 9/4 sin(4t + 11/7)...) θ(75π − t) θ(t − 71π)
y(t) = ((−13/9 sin(3/2 − 5t) − 11/7 sin(4/3 − 2t) + 2519/7 sin(t + 11/7) + 36/5 sin(3t + 17/11) + 9/4 sin(4t + 11/7)...) θ(75π − t) θ(t − 71π)
y(t) = ((−13/9 sin(3/2 − 5t) − 11/7 sin(4/3 − 2t) + 2519/7 sin(t + 11/7) + 36/5 sin(3t + 17/11) + 9/4 sin(4t + 11/7)...) θ(75π − t) θ(t − 71π)
y(t) = ((−13/9 sin(3/2 − 5t) − 11/7 sin(4/3 − 2t) + 2519/7 sin(t + 11/7) + 36/5 sin(3t + 17/11) + 9/4 sin(4t + 11/7)...) θ(75π − t) θ(t − 71π)
y(t) = ((−13/9 sin(3/2 − 5t) − 11/7 sin(4/3 − 2t) + 2519/7 sin(t + 11/7) + 36/5 sin(3t + 17/11) + 9/4 sin(4t + 11/7)...) θ(75π − t) θ(t − 71π)
+ (−5/3 sin(7/5 − 9t) − 6/5 sin(9/7 − 3t) + 1173/5 sin(t + 14/9) + 13/4 sin(2t + 8/5) + 7/9 sin(6t + 3/2)...) θ(71π − t) θ(t − 67π)
+ (−5/3 sin(7/5 − 9t) − 6/5 sin(9/7 − 3t) + 1173/5 sin(t + 14/9) + 13/4 sin(2t + 8/5) + 7/9 sin(6t + 3/2)...) θ(71π − t) θ(t − 67π)
+ (−5/3 sin(7/5 − 9t) − 6/5 sin(9/7 − 3t) + 1173/5 sin(t + 14/9) + 13/4 sin(2t + 8/5) + 7/9 sin(6t + 3/2)...) θ(71π − t) θ(t − 67π)
+ (−5/3 sin(7/5 − 9t) − 6/5 sin(9/7 − 3t) + 1173/5 sin(t + 14/9) + 13/4 sin(2t + 8/5) + 7/9 sin(6t + 3/2)...) θ(71π − t) θ(t − 67π)
+ (−5/3 sin(7/5 − 9t) − 6/5 sin(9/7 − 3t) + 1173/5 sin(t + 14/9) + 13/4 sin(2t + 8/5) + 7/9 sin(6t + 3/2)...) θ(71π − t) θ(t − 67π)
+ (−5/3 sin(7/5 − 9t) − 6/5 sin(9/7 − 3t) + 1173/5 sin(t + 14/9) + 13/4 sin(2t + 8/5) + 7/9 sin(6t + 3/2)...) θ(71π − t) θ(t − 67π)
+ (−5/3 sin(7/5 − 9t) − 6/5 sin(9/7 − 3t) + 1173/5 sin(t + 14/9) + 13/4 sin(2t + 8/5) + 7/9 sin(6t + 3/2)...) θ(71π − t) θ(t − 67π)
+ (−2/3 sin(5/4 − 8t) − 3/2 sin(1/2 − 4t) + 869/4 sin(t + 3/2) + 31/8 sin(2t + 13/9) + 12/7 sin(3t + 19/13)...) θ(67π − t) θ(t − 63π)
+ (−2/3 sin(5/4 − 8t) − 3/2 sin(1/2 − 4t) + 869/4 sin(t + 3/2) + 31/8 sin(2t + 13/9) + 12/7 sin(3t + 19/13)...) θ(67π − t) θ(t − 63π)
+ (−2/3 sin(5/4 − 8t) − 3/2 sin(1/2 − 4t) + 869/4 sin(t + 3/2) + 31/8 sin(2t + 13/9) + 12/7 sin(3t + 19/13)...) θ(67π − t) θ(t − 63π)
+ (−2/3 sin(5/4 − 8t) − 3/2 sin(1/2 − 4t) + 869/4 sin(t + 3/2) + 31/8 sin(2t + 13/9) + 12/7 sin(3t + 19/13)...) θ(67π − t) θ(t − 63π)
+ (−2/3 sin(5/4 − 8t) − 3/2 sin(1/2 − 4t) + 869/4 sin(t + 3/2) + 31/8 sin(2t + 13/9) + 12/7 sin(3t + 19/13)...) θ(67π − t) θ(t − 63π)
+ (−2/3 sin(5/4 − 8t) − 3/2 sin(1/2 − 4t) + 869/4 sin(t + 3/2) + 31/8 sin(2t + 13/9) + 12/7 sin(3t + 19/13)...) θ(67π − t) θ(t − 63π)
+ (−2/3 sin(5/4 − 8t) − 3/2 sin(1/2 − 4t) + 869/4 sin(t + 3/2) + 31/8 sin(2t + 13/9) + 12/7 sin(3t + 19/13)...) θ(67π − t) θ(t − 63π)
+ (−7/5 sin(6/5 − 11t) − 4/3 sin(3/5 − 6t) + 2057/6 sin(t + 13/9) + 28/3 sin(2t + 11/6) + 5/2 sin(5t + 9/7)...) θ(63π − t) θ(t − 59π)
+ (−7/5 sin(6/5 − 11t) − 4/3 sin(3/5 − 6t) + 2057/6 sin(t + 13/9) + 28/3 sin(2t + 11/6) + 5/2 sin(5t + 9/7)...) θ(63π − t) θ(t − 59π)
+ (−7/5 sin(6/5 − 11t) − 4/3 sin(3/5 − 6t) + 2057/6 sin(t + 13/9) + 28/3 sin(2t + 11/6) + 5/2 sin(5t + 9/7)...) θ(63π − t) θ(t − 59π)
+ (−7/5 sin(6/5 − 11t) − 4/3 sin(3/5 − 6t) + 2057/6 sin(t + 13/9) + 28/3 sin(2t + 11/6) + 5/2 sin(5t + 9/7)...) θ(63π − t) θ(t − 59π)
+ (−7/5 sin(6/5 − 11t) − 4/3 sin(3/5 − 6t) + 2057/6 sin(t + 13/9) + 28/3 sin(2t + 11/6) + 5/2 sin(5t + 9/7)...) θ(63π − t) θ(t − 59π)
+ (−7/5 sin(6/5 − 11t) − 4/3 sin(3/5 − 6t) + 2057/6 sin(t + 13/9) + 28/3 sin(2t + 11/6) + 5/2 sin(5t + 9/7)...) θ(63π − t) θ(t − 59π)
+ (−7/5 sin(6/5 − 11t) − 4/3 sin(3/5 − 6t) + 2057/6 sin(t + 13/9) + 28/3 sin(2t + 11/6) + 5/2 sin(5t + 9/7)...) θ(63π − t) θ(t − 59π)
+ (−1/4 sin(9/8 − 10t) − 9/5 sin(5/7 − 7t) + 1541/3 sin(t + 12/7) + 19/5 sin(2t + 27/7) + 16/7 sin(4t + 5/2)...) θ(59π − t) θ(t − 55π)
+ (−1/4 sin(9/8 − 10t) − 9/5 sin(5/7 − 7t) + 1541/3 sin(t + 12/7) + 19/5 sin(2t + 27/7) + 16/7 sin(4t + 5/2)...) θ(59π − t) θ(t − 55π)
+ (−1/4 sin(9/8 − 10t) − 9/5 sin(5/7 − 7t) + 1541/3 sin(t + 12/7) + 19/5 sin(2t + 27/7) + 16/7 sin(4t + 5/2)...) θ(59π − t) θ(t − 55π)
+ (−1/4 sin(9/8 − 10t) − 9/5 sin(5/7 − 7t) + 1541/3 sin(t + 12/7) + 19/5 sin(2t + 27/7) + 16/7 sin(4t + 5/2)...) θ(59π − t) θ(t − 55π)
+ (−1/4 sin(9/8 − 10t) − 9/5 sin(5/7 − 7t) + 1541/3 sin(t + 12/7) + 19/5 sin(2t + 27/7) + 16/7 sin(4t + 5/2)...) θ(59π − t) θ(t − 55π)
+ (−1/4 sin(9/8 − 10t) − 9/5 sin(5/7 − 7t) + 1541/3 sin(t + 12/7) + 19/5 sin(2t + 27/7) + 16/7 sin(4t + 5/2)...) θ(59π − t) θ(t − 55π)
+ (−1/4 sin(9/8 − 10t) − 9/5 sin(5/7 − 7t) + 1541/3 sin(t + 12/7) + 19/5 sin(2t + 27/7) + 16/7 sin(4t + 5/2)...) θ(59π − t) θ(t − 55π)
+ (−8/7 sin(4/5 − 13t) − 7/6 sin(2/3 − 8t) + 3319/9 sin(t + 15/11) + 54/7 sin(2t + 10/3) + 11/9 sin(3t + 18/7)...) θ(55π − t) θ(t − 51π)
+ (−8/7 sin(4/5 − 13t) − 7/6 sin(2/3 − 8t) + 3319/9 sin(t + 15/11) + 54/7 sin(2t + 10/3) + 11/9 sin(3t + 18/7)...) θ(55π − t) θ(t − 51π)
+ (−8/7 sin(4/5 − 13t) − 7/6 sin(2/3 − 8t) + 3319/9 sin(t + 15/11) + 54/7 sin(2t + 10/3) + 11/9 sin(3t + 18/7)...) θ(55π − t) θ(t − 51π)
+ (−8/7 sin(4/5 − 13t) − 7/6 sin(2/3 − 8t) + 3319/9 sin(t + 15/11) + 54/7 sin(2t + 10/3) + 11/9 sin(3t + 18/7)...) θ(55π − t) θ(t − 51π)
+ (−8/7 sin(4/5 − 13t) − 7/6 sin(2/3 − 8t) + 3319/9 sin(t + 15/11) + 54/7 sin(2t + 10/3) + 11/9 sin(3t + 18/7)...) θ(55π − t) θ(t − 51π)
+ (−8/7 sin(4/5 − 13t) − 7/6 sin(2/3 − 8t) + 3319/9 sin(t + 15/11) + 54/7 sin(2t + 10/3) + 11/9 sin(3t + 18/7)...) θ(55π − t) θ(t − 51π)
+ (−8/7 sin(4/5 − 13t) − 7/6 sin(2/3 − 8t) + 3319/9 sin(t + 15/11) + 54/7 sin(2t + 10/3) + 11/9 sin(3t + 18/7)...) θ(55π − t) θ(t − 51π)
+ (−3/8 sin(7/9 − 12t) − 5/9 sin(1/7 − 6t) + 2278/5 sin(t + 13/7) + 46/9 sin(2t + 25/6) + 23/8 sin(5t + 20/9)...) θ(51π − t) θ(t − 47π)
+ (−3/8 sin(7/9 − 12t) − 5/9 sin(1/7 − 6t) + 2278/5 sin(t + 13/7) + 46/9 sin(2t + 25/6) + 23/8 sin(5t + 20/9)...) θ(51π − t) θ(t − 47π)
+ (−3/8 sin(7/9 − 12t) − 5/9 sin(1/7 − 6t) + 2278/5 sin(t + 13/7) + 46/9 sin(2t + 25/6) + 23/8 sin(5t + 20/9)...) θ(51π − t) θ(t − 47π)
+ (−3/8 sin(7/9 − 12t) − 5/9 sin(1/7 − 6t) + 2278/5 sin(t + 13/7) + 46/9 sin(2t + 25/6) + 23/8 sin(5t + 20/9)...) θ(51π − t) θ(t − 47π)
+ (−3/8 sin(7/9 − 12t) − 5/9 sin(1/7 − 6t) + 2278/5 sin(t + 13/7) + 46/9 sin(2t + 25/6) + 23/8 sin(5t + 20/9)...) θ(51π − t) θ(t − 47π)
+ (−3/8 sin(7/9 − 12t) − 5/9 sin(1/7 − 6t) + 2278/5 sin(t + 13/7) + 46/9 sin(2t + 25/6) + 23/8 sin(5t + 20/9)...) θ(51π − t) θ(t − 47π)
+ (−3/8 sin(7/9 − 12t) − 5/9 sin(1/7 − 6t) + 2278/5 sin(t + 13/7) + 46/9 sin(2t + 25/6) + 23/8 sin(5t + 20/9)...) θ(51π − t) θ(t − 47π)
+ (−6/7 sin(3/8 − 14t) − 2/3 sin(4/9 − 9t) + 1952/7 sin(t + 17/10) + 67/8 sin(2t + 19/6) + 15/4 sin(4t + 13/6)...) θ(47π − t) θ(t − 43π)
+ (−6/7 sin(3/8 − 14t) − 2/3 sin(4/9 − 9t) + 1952/7 sin(t + 17/10) + 67/8 sin(2t + 19/6) + 15/4 sin(4t + 13/6)...) θ(47π − t) θ(t − 43π)
+ (−6/7 sin(3/8 − 14t) − 2/3 sin(4/9 − 9t) + 1952/7 sin(t + 17/10) + 67/8 sin(2t + 19/6) + 15/4 sin(4t + 13/6)...) θ(47π − t) θ(t − 43π)
+ (−6/7 sin(3/8 − 14t) − 2/3 sin(4/9 − 9t) + 1952/7 sin(t + 17/10) + 67/8 sin(2t + 19/6) + 15/4 sin(4t + 13/6)...) θ(47π − t) θ(t − 43π)
+ (−6/7 sin(3/8 − 14t) − 2/3 sin(4/9 − 9t) + 1952/7 sin(t + 17/10) + 67/8 sin(2t + 19/6) + 15/4 sin(4t + 13/6)...) θ(47π − t) θ(t − 43π)
+ (−6/7 sin(3/8 − 14t) − 2/3 sin(4/9 − 9t) + 1952/7 sin(t + 17/10) + 67/8 sin(2t + 19/6) + 15/4 sin(4t + 13/6)...) θ(47π − t) θ(t − 43π)
+ (−6/7 sin(3/8 − 14t) − 2/3 sin(4/9 − 9t) + 1952/7 sin(t + 17/10) + 67/8 sin(2t + 19/6) + 15/4 sin(4t + 13/6)...) θ(47π − t) θ(t − 43π)
+ (−5/6 sin(2/9 − 15t) − 9/10 sin(5/6 − 10t) + 3067/8 sin(t + 19/11) + 39/4 sin(2t + 24/7) + 7/3 sin(3t + 22/9)...) θ(43π − t) θ(t − 39π)
+ (−5/6 sin(2/9 − 15t) − 9/10 sin(5/6 − 10t) + 3067/8 sin(t + 19/11) + 39/4 sin(2t + 24/7) + 7/3 sin(3t + 22/9)...) θ(43π − t) θ(t − 39π)
+ (−5/6 sin(2/9 − 15t) − 9/10 sin(5/6 − 10t) + 3067/8 sin(t + 19/11) + 39/4 sin(2t + 24/7) + 7/3 sin(3t + 22/9)...) θ(43π − t) θ(t − 39π)
+ (−5/6 sin(2/9 − 15t) − 9/10 sin(5/6 − 10t) + 3067/8 sin(t + 19/11) + 39/4 sin(2t + 24/7) + 7/3 sin(3t + 22/9)...) θ(43π − t) θ(t − 39π)
+ (−5/6 sin(2/9 − 15t) − 9/10 sin(5/6 − 10t) + 3067/8 sin(t + 19/11) + 39/4 sin(2t + 24/7) + 7/3 sin(3t + 22/9)...) θ(43π − t) θ(t − 39π)
+ (−5/6 sin(2/9 − 15t) − 9/10 sin(5/6 − 10t) + 3067/8 sin(t + 19/11) + 39/4 sin(2t + 24/7) + 7/3 sin(3t + 22/9)...) θ(43π − t) θ(t − 39π)
+ (−5/6 sin(2/9 − 15t) − 9/10 sin(5/6 − 10t) + 3067/8 sin(t + 19/11) + 39/4 sin(2t + 24/7) + 7/3 sin(3t + 22/9)...) θ(43π − t) θ(t − 39π)
+ (−4/5 sin(1/2 − 11t) − 3/5 sin(3/7 − 7t) + 2635/9 sin(t + 11/8) + 58/7 sin(2t + 13/4) + 19/7 sin(6t + 17/7)...) θ(39π − t) θ(t − 35π)
+ (−4/5 sin(1/2 − 11t) − 3/5 sin(3/7 − 7t) + 2635/9 sin(t + 11/8) + 58/7 sin(2t + 13/4) + 19/7 sin(6t + 17/7)...) θ(39π − t) θ(t − 35π)
+ (−4/5 sin(1/2 − 11t) − 3/5 sin(3/7 − 7t) + 2635/9 sin(t + 11/8) + 58/7 sin(2t + 13/4) + 19/7 sin(6t + 17/7)...) θ(39π − t) θ(t − 35π)
+ (−4/5 sin(1/2 − 11t) − 3/5 sin(3/7 − 7t) + 2635/9 sin(t + 11/8) + 58/7 sin(2t + 13/4) + 19/7 sin(6t + 17/7)...) θ(39π − t) θ(t − 35π)
+ (−4/5 sin(1/2 − 11t) − 3/5 sin(3/7 − 7t) + 2635/9 sin(t + 11/8) + 58/7 sin(2t + 13/4) + 19/7 sin(6t + 17/7)...) θ(39π − t) θ(t − 35π)
+ (−4/5 sin(1/2 − 11t) − 3/5 sin(3/7 − 7t) + 2635/9 sin(t + 11/8) + 58/7 sin(2t + 13/4) + 19/7 sin(6t + 17/7)...) θ(39π − t) θ(t − 35π)
+ (−4/5 sin(1/2 − 11t) − 3/5 sin(3/7 − 7t) + 2635/9 sin(t + 11/8) + 58/7 sin(2t + 13/4) + 19/7 sin(6t + 17/7)...) θ(39π − t) θ(t − 35π)
+ (−7/9 sin(5/7 − 16t) − 8/7 sin(1/8 − 12t) + 1498/3 sin(t + 9/5) + 27/5 sin(2t + 31/7) + 14/9 sin(4t + 19/8)...) θ(35π − t) θ(t − 31π)
+ (−7/9 sin(5/7 − 16t) − 8/7 sin(1/8 − 12t) + 1498/3 sin(t + 9/5) + 27/5 sin(2t + 31/7) + 14/9 sin(4t + 19/8)...) θ(35π − t) θ(t − 31π)
+ (−7/9 sin(5/7 − 16t) − 8/7 sin(1/8 − 12t) + 1498/3 sin(t + 9/5) + 27/5 sin(2t + 31/7) + 14/9 sin(4t + 19/8)...) θ(35π − t) θ(t − 31π)
+ (−7/9 sin(5/7 − 16t) − 8/7 sin(1/8 − 12t) + 1498/3 sin(t + 9/5) + 27/5 sin(2t + 31/7) + 14/9 sin(4t + 19/8)...) θ(35π − t) θ(t − 31π)
+ (−7/9 sin(5/7 − 16t) − 8/7 sin(1/8 − 12t) + 1498/3 sin(t + 9/5) + 27/5 sin(2t + 31/7) + 14/9 sin(4t + 19/8)...) θ(35π − t) θ(t − 31π)
+ (−7/9 sin(5/7 − 16t) − 8/7 sin(1/8 − 12t) + 1498/3 sin(t + 9/5) + 27/5 sin(2t + 31/7) + 14/9 sin(4t + 19/8)...) θ(35π − t) θ(t − 31π)
+ (−7/9 sin(5/7 − 16t) − 8/7 sin(1/8 − 12t) + 1498/3 sin(t + 9/5) + 27/5 sin(2t + 31/7) + 14/9 sin(4t + 19/8)...) θ(35π − t) θ(t − 31π)
+ (−2/7 sin(4/7 − 13t) − 7/4 sin(2/9 − 8t) + 2794/7 sin(t + 16/11) + 45/8 sin(2t + 17/4) + 25/9 sin(5t + 12/5)...) θ(31π − t) θ(t − 27π)
+ (−2/7 sin(4/7 − 13t) − 7/4 sin(2/9 − 8t) + 2794/7 sin(t + 16/11) + 45/8 sin(2t + 17/4) + 25/9 sin(5t + 12/5)...) θ(31π − t) θ(t − 27π)
+ (−2/7 sin(4/7 − 13t) − 7/4 sin(2/9 − 8t) + 2794/7 sin(t + 16/11) + 45/8 sin(2t + 17/4) + 25/9 sin(5t + 12/5)...) θ(31π − t) θ(t − 27π)
+ (−2/7 sin(4/7 − 13t) − 7/4 sin(2/9 − 8t) + 2794/7 sin(t + 16/11) + 45/8 sin(2t + 17/4) + 25/9 sin(5t + 12/5)...) θ(31π − t) θ(t − 27π)
+ (−2/7 sin(4/7 − 13t) − 7/4 sin(2/9 − 8t) + 2794/7 sin(t + 16/11) + 45/8 sin(2t + 17/4) + 25/9 sin(5t + 12/5)...) θ(31π − t) θ(t − 27π)
+ (−2/7 sin(4/7 − 13t) − 7/4 sin(2/9 − 8t) + 2794/7 sin(t + 16/11) + 45/8 sin(2t + 17/4) + 25/9 sin(5t + 12/5)...) θ(31π − t) θ(t − 27π)
+ (−2/7 sin(4/7 − 13t) − 7/4 sin(2/9 − 8t) + 2794/7 sin(t + 16/11) + 45/8 sin(2t + 17/4) + 25/9 sin(5t + 12/5)...) θ(31π − t) θ(t − 27π)
+ (−9/7 sin(6/7 − 17t) − 1/2 sin(7/8 − 11t) + 3386/9 sin(t + 14/9) + 71/9 sin(2t + 21/8) + 8/3 sin(3t + 15/7)...) θ(27π − t) θ(t − 23π)
+ (−9/7 sin(6/7 − 17t) − 1/2 sin(7/8 − 11t) + 3386/9 sin(t + 14/9) + 71/9 sin(2t + 21/8) + 8/3 sin(3t + 15/7)...) θ(27π − t) θ(t − 23π)
+ (−9/7 sin(6/7 − 17t) − 1/2 sin(7/8 − 11t) + 3386/9 sin(t + 14/9) + 71/9 sin(2t + 21/8) + 8/3 sin(3t + 15/7)...) θ(27π − t) θ(t − 23π)
+ (−9/7 sin(6/7 − 17t) − 1/2 sin(7/8 − 11t) + 3386/9 sin(t + 14/9) + 71/9 sin(2t + 21/8) + 8/3 sin(3t + 15/7)...) θ(27π − t) θ(t − 23π)
+ (−9/7 sin(6/7 − 17t) − 1/2 sin(7/8 − 11t) + 3386/9 sin(t + 14/9) + 71/9 sin(2t + 21/8) + 8/3 sin(3t + 15/7)...) θ(27π − t) θ(t − 23π)
+ (−9/7 sin(6/7 − 17t) − 1/2 sin(7/8 − 11t) + 3386/9 sin(t + 14/9) + 71/9 sin(2t + 21/8) + 8/3 sin(3t + 15/7)...) θ(27π − t) θ(t − 23π)
+ (−9/7 sin(6/7 − 17t) − 1/2 sin(7/8 − 11t) + 3386/9 sin(t + 14/9) + 71/9 sin(2t + 21/8) + 8/3 sin(3t + 15/7)...) θ(27π − t) θ(t − 23π)
+ (−1/9 sin(1/4 − 12t) − 6/5 sin(3/4 − 6t) + 1727/4 sin(t + 18/11) + 33/4 sin(2t + 29/8) + 13/6 sin(4t + 16/7)...) θ(23π − t) θ(t − 19π)
+ (−1/9 sin(1/4 − 12t) − 6/5 sin(3/4 − 6t) + 1727/4 sin(t + 18/11) + 33/4 sin(2t + 29/8) + 13/6 sin(4t + 16/7)...) θ(23π − t) θ(t − 19π)
+ (−1/9 sin(1/4 − 12t) − 6/5 sin(3/4 − 6t) + 1727/4 sin(t + 18/11) + 33/4 sin(2t + 29/8) + 13/6 sin(4t + 16/7)...) θ(23π − t) θ(t − 19π)
+ (−1/9 sin(1/4 − 12t) − 6/5 sin(3/4 − 6t) + 1727/4 sin(t + 18/11) + 33/4 sin(2t + 29/8) + 13/6 sin(4t + 16/7)...) θ(23π − t) θ(t − 19π)
+ (−1/9 sin(1/4 − 12t) − 6/5 sin(3/4 − 6t) + 1727/4 sin(t + 18/11) + 33/4 sin(2t + 29/8) + 13/6 sin(4t + 16/7)...) θ(23π − t) θ(t − 19π)
+ (−1/9 sin(1/4 − 12t) − 6/5 sin(3/4 − 6t) + 1727/4 sin(t + 18/11) + 33/4 sin(2t + 29/8) + 13/6 sin(4t + 16/7)...) θ(23π − t) θ(t − 19π)
+ (−1/9 sin(1/4 − 12t) − 6/5 sin(3/4 − 6t) + 1727/4 sin(t + 18/11) + 33/4 sin(2t + 29/8) + 13/6 sin(4t + 16/7)...) θ(23π − t) θ(t − 19π)
+ (−11/9 sin(2/5 − 14t) − 4/7 sin(5/9 − 9t) + 2946/7 sin(t + 20/13) + 49/5 sin(2t + 23/6) + 17/8 sin(6t + 11/5)...) θ(19π − t) θ(t − 15π)
+ (−11/9 sin(2/5 − 14t) − 4/7 sin(5/9 − 9t) + 2946/7 sin(t + 20/13) + 49/5 sin(2t + 23/6) + 17/8 sin(6t + 11/5)...) θ(19π − t) θ(t − 15π)
+ (−11/9 sin(2/5 − 14t) − 4/7 sin(5/9 − 9t) + 2946/7 sin(t + 20/13) + 49/5 sin(2t + 23/6) + 17/8 sin(6t + 11/5)...) θ(19π − t) θ(t − 15π)
+ (−11/9 sin(2/5 − 14t) − 4/7 sin(5/9 − 9t) + 2946/7 sin(t + 20/13) + 49/5 sin(2t + 23/6) + 17/8 sin(6t + 11/5)...) θ(19π − t) θ(t − 15π)
+ (−11/9 sin(2/5 − 14t) − 4/7 sin(5/9 − 9t) + 2946/7 sin(t + 20/13) + 49/5 sin(2t + 23/6) + 17/8 sin(6t + 11/5)...) θ(19π − t) θ(t − 15π)
+ (−11/9 sin(2/5 − 14t) − 4/7 sin(5/9 − 9t) + 2946/7 sin(t + 20/13) + 49/5 sin(2t + 23/6) + 17/8 sin(6t + 11/5)...) θ(19π − t) θ(t − 15π)
+ (−11/9 sin(2/5 − 14t) − 4/7 sin(5/9 − 9t) + 2946/7 sin(t + 20/13) + 49/5 sin(2t + 23/6) + 17/8 sin(6t + 11/5)...) θ(19π − t) θ(t − 15π)
+ (−3/10 sin(8/9 − 16t) − 5/8 sin(1/5 − 10t) + 2153/5 sin(t + 17/11) + 62/9 sin(2t + 27/10) + 21/8 sin(3t + 19/10)...) θ(15π − t) θ(t − 11π)
